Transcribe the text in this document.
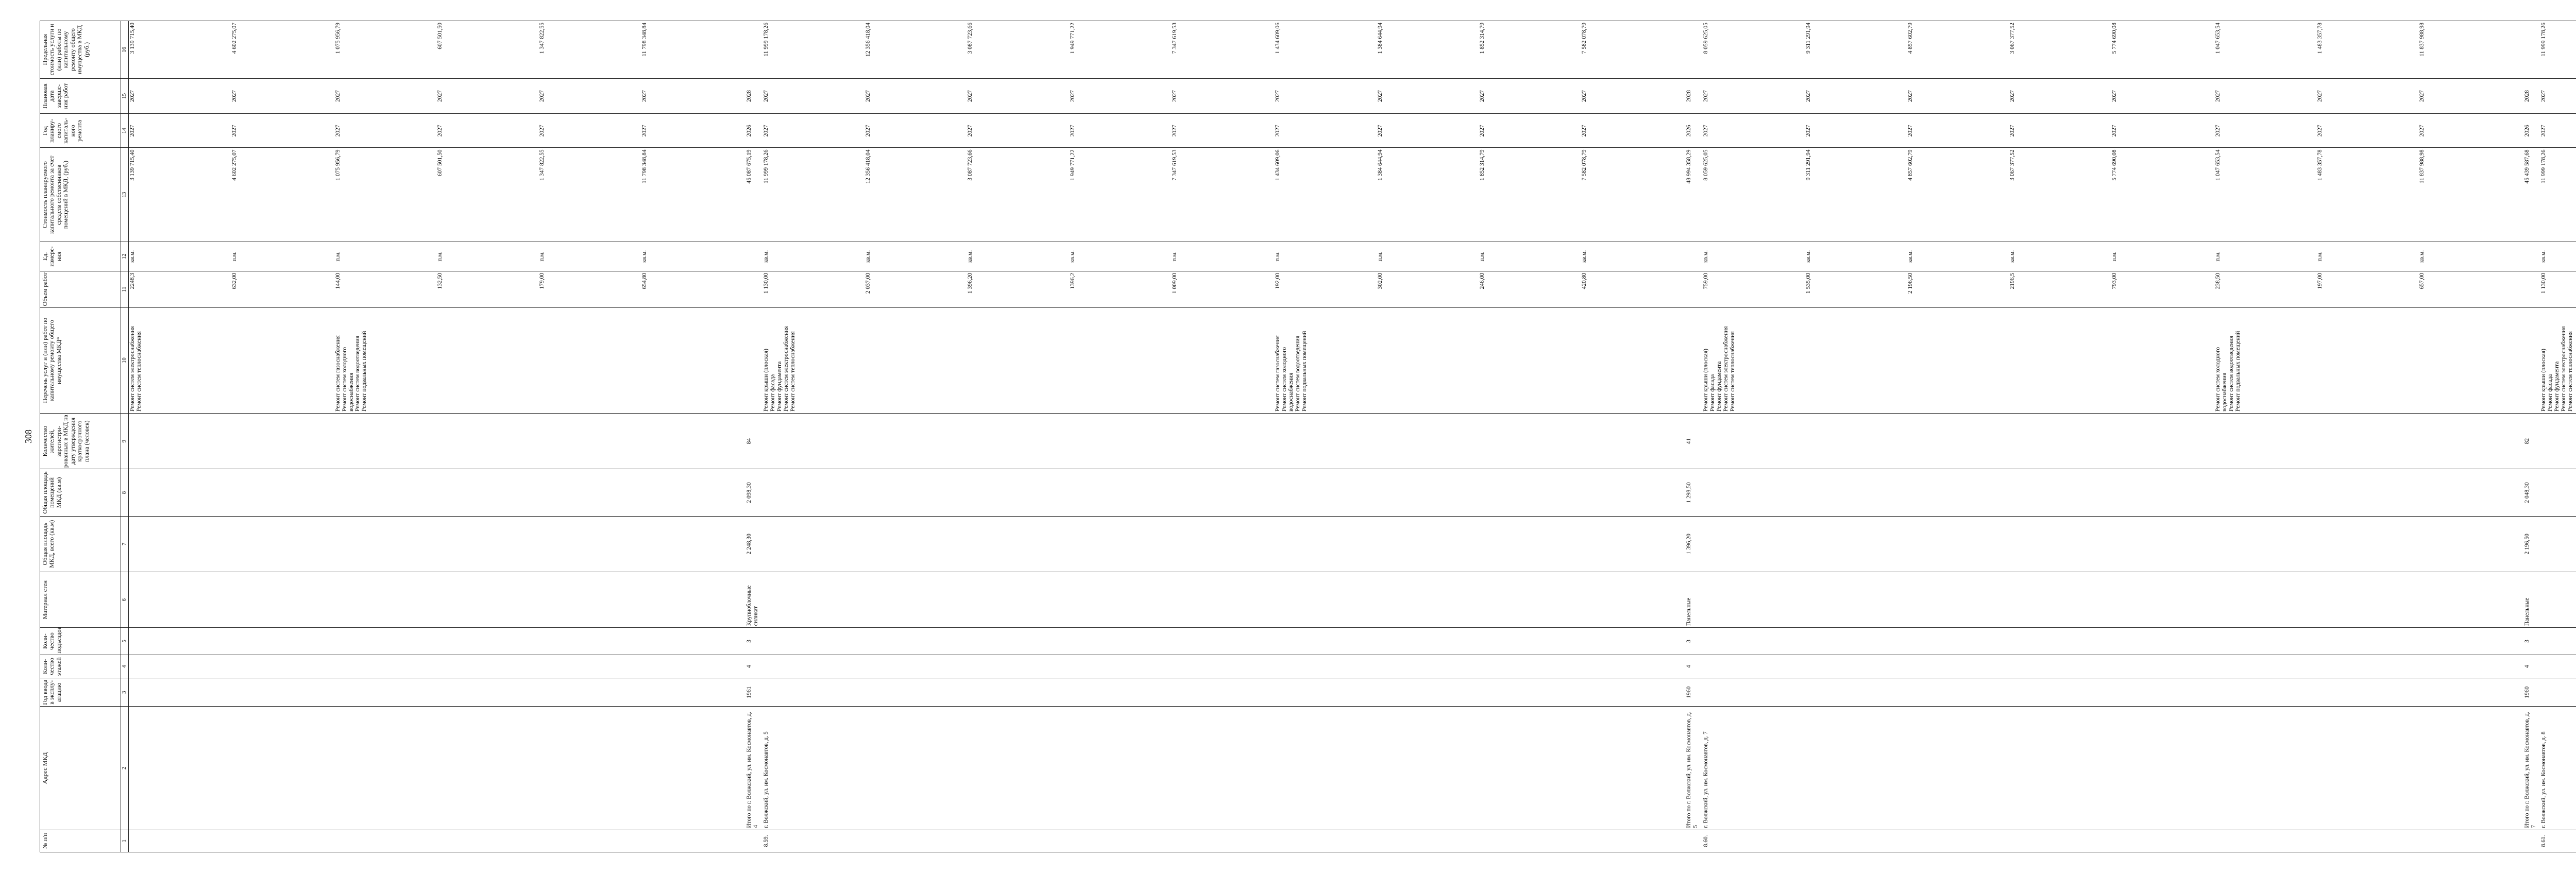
308
№ п/п	Адрес МКД	Год ввода в эксплу-атацию	Коли-чество этажей	Коли-чество подъездов	Материал стен	Общая площадь МКД, всего (кв.м)	Общая площадь помещений МКД (кв.м)	Количество жителей, зарегистри-рованных в МКД на дату утверждения краткосрочного плана (человек)	Перечень услуг и (или) работ по капитальному ремонту общего имущества МКД*	Объем работ	Ед. измере-ния	Стоимость планируемого капитального ремонта за счет средств собственников помещений в МКД, (руб.)	Год планиру-емого капиталь-ного ремонта	Плановая дата заверше-ния работ	Предельная стоимость услуги и (или) работы по капитальному ремонту общего имущества в МКД (руб.)
1	2	3	4	5	6	7	8	9	10	11	12	13	14	15	16

									Ремонт систем электроснабжения Ремонт систем теплоснабжения	2248,3 632,00	кв.м. п.м.	3 139 715,40 4 602 275,07	2027 2027	2027 2027	3 139 715,40 4 602 275,07

									Ремонт систем газоснабжения Ремонт систем холодного водоснабжения Ремонт систем водоотведения Ремонт подвальных помещений	144,00 132,50 179,00 654,80	п.м. п.м. п.м. кв.м.	1 075 956,79 607 501,50 1 347 822,55 11 798 348,84	2027 2027 2027 2027	2027 2027 2027 2027	1 075 956,79 607 501,50 1 347 822,55 11 798 348,84

	Итого по г. Волжский, ул. им. Космонавтов, д. 4	1961	4	3	Крупноблочные силикат	2 248,30	2 098,30	84				45 087 675,19	2026	2028	

8.59.	г. Волжский, ул. им. Космонавтов, д. 5								Ремонт крыши (плоская) Ремонт фасада Ремонт фундамента Ремонт систем электроснабжения Ремонт систем теплоснабжения	1 130,00 2 037,00 1 396,20 1396,2 1 009,00	кв.м. кв.м. кв.м. кв.м. п.м.	11 999 178,26 12 356 418,04 3 087 723,66 1 949 771,22 7 347 619,53	2027 2027 2027 2027 2027	2027 2027 2027 2027 2027	11 999 178,26 12 356 418,04 3 087 723,66 1 949 771,22 7 347 619,53

									Ремонт систем газоснабжения Ремонт систем холодного водоснабжения Ремонт систем водоотведения Ремонт подвальных помещений	192,00 302,00 246,00 420,80	п.м. п.м. п.м. кв.м.	1 434 609,06 1 384 644,94 1 852 314,79 7 582 078,79	2027 2027 2027 2027	2027 2027 2027 2027	1 434 609,06 1 384 644,94 1 852 314,79 7 582 078,79

	Итого по г. Волжский, ул. им. Космонавтов, д. 5	1960	4	3	Панельные	1 396,20	1 298,50	41				48 994 358,29	2026	2028	

8.60.	г. Волжский, ул. им. Космонавтов, д. 7								Ремонт крыши (плоская) Ремонт фасада Ремонт фундамента Ремонт систем электроснабжения Ремонт систем теплоснабжения	759,00 1 535,00 2 196,50 2196,5 793,00	кв.м. кв.м. кв.м. кв.м. п.м.	8 059 625,05 9 311 291,94 4 857 602,79 3 067 377,52 5 774 690,08	2027 2027 2027 2027 2027	2027 2027 2027 2027 2027	8 059 625,05 9 311 291,94 4 857 602,79 3 067 377,52 5 774 690,08

									Ремонт систем холодного водоснабжения Ремонт систем водоотведения Ремонт подвальных помещений	238,50 197,00 657,00	п.м. п.м. кв.м.	1 047 653,54 1 483 357,78 11 837 988,98	2027 2027 2027	2027 2027 2027	1 047 653,54 1 483 357,78 11 837 988,98

	Итого по г. Волжский, ул. им. Космонавтов, д. 7	1960	4	3	Панельные	2 196,50	2 048,30	82				45 439 587,68	2026	2028	

8.61.	г. Волжский, ул. им. Космонавтов, д. 8								Ремонт крыши (плоская) Ремонт фасада Ремонт фундамента Ремонт систем электроснабжения Ремонт систем теплоснабжения	1 130,00	кв.м.	11 999 178,26	2027	2027	11 999 178,26
